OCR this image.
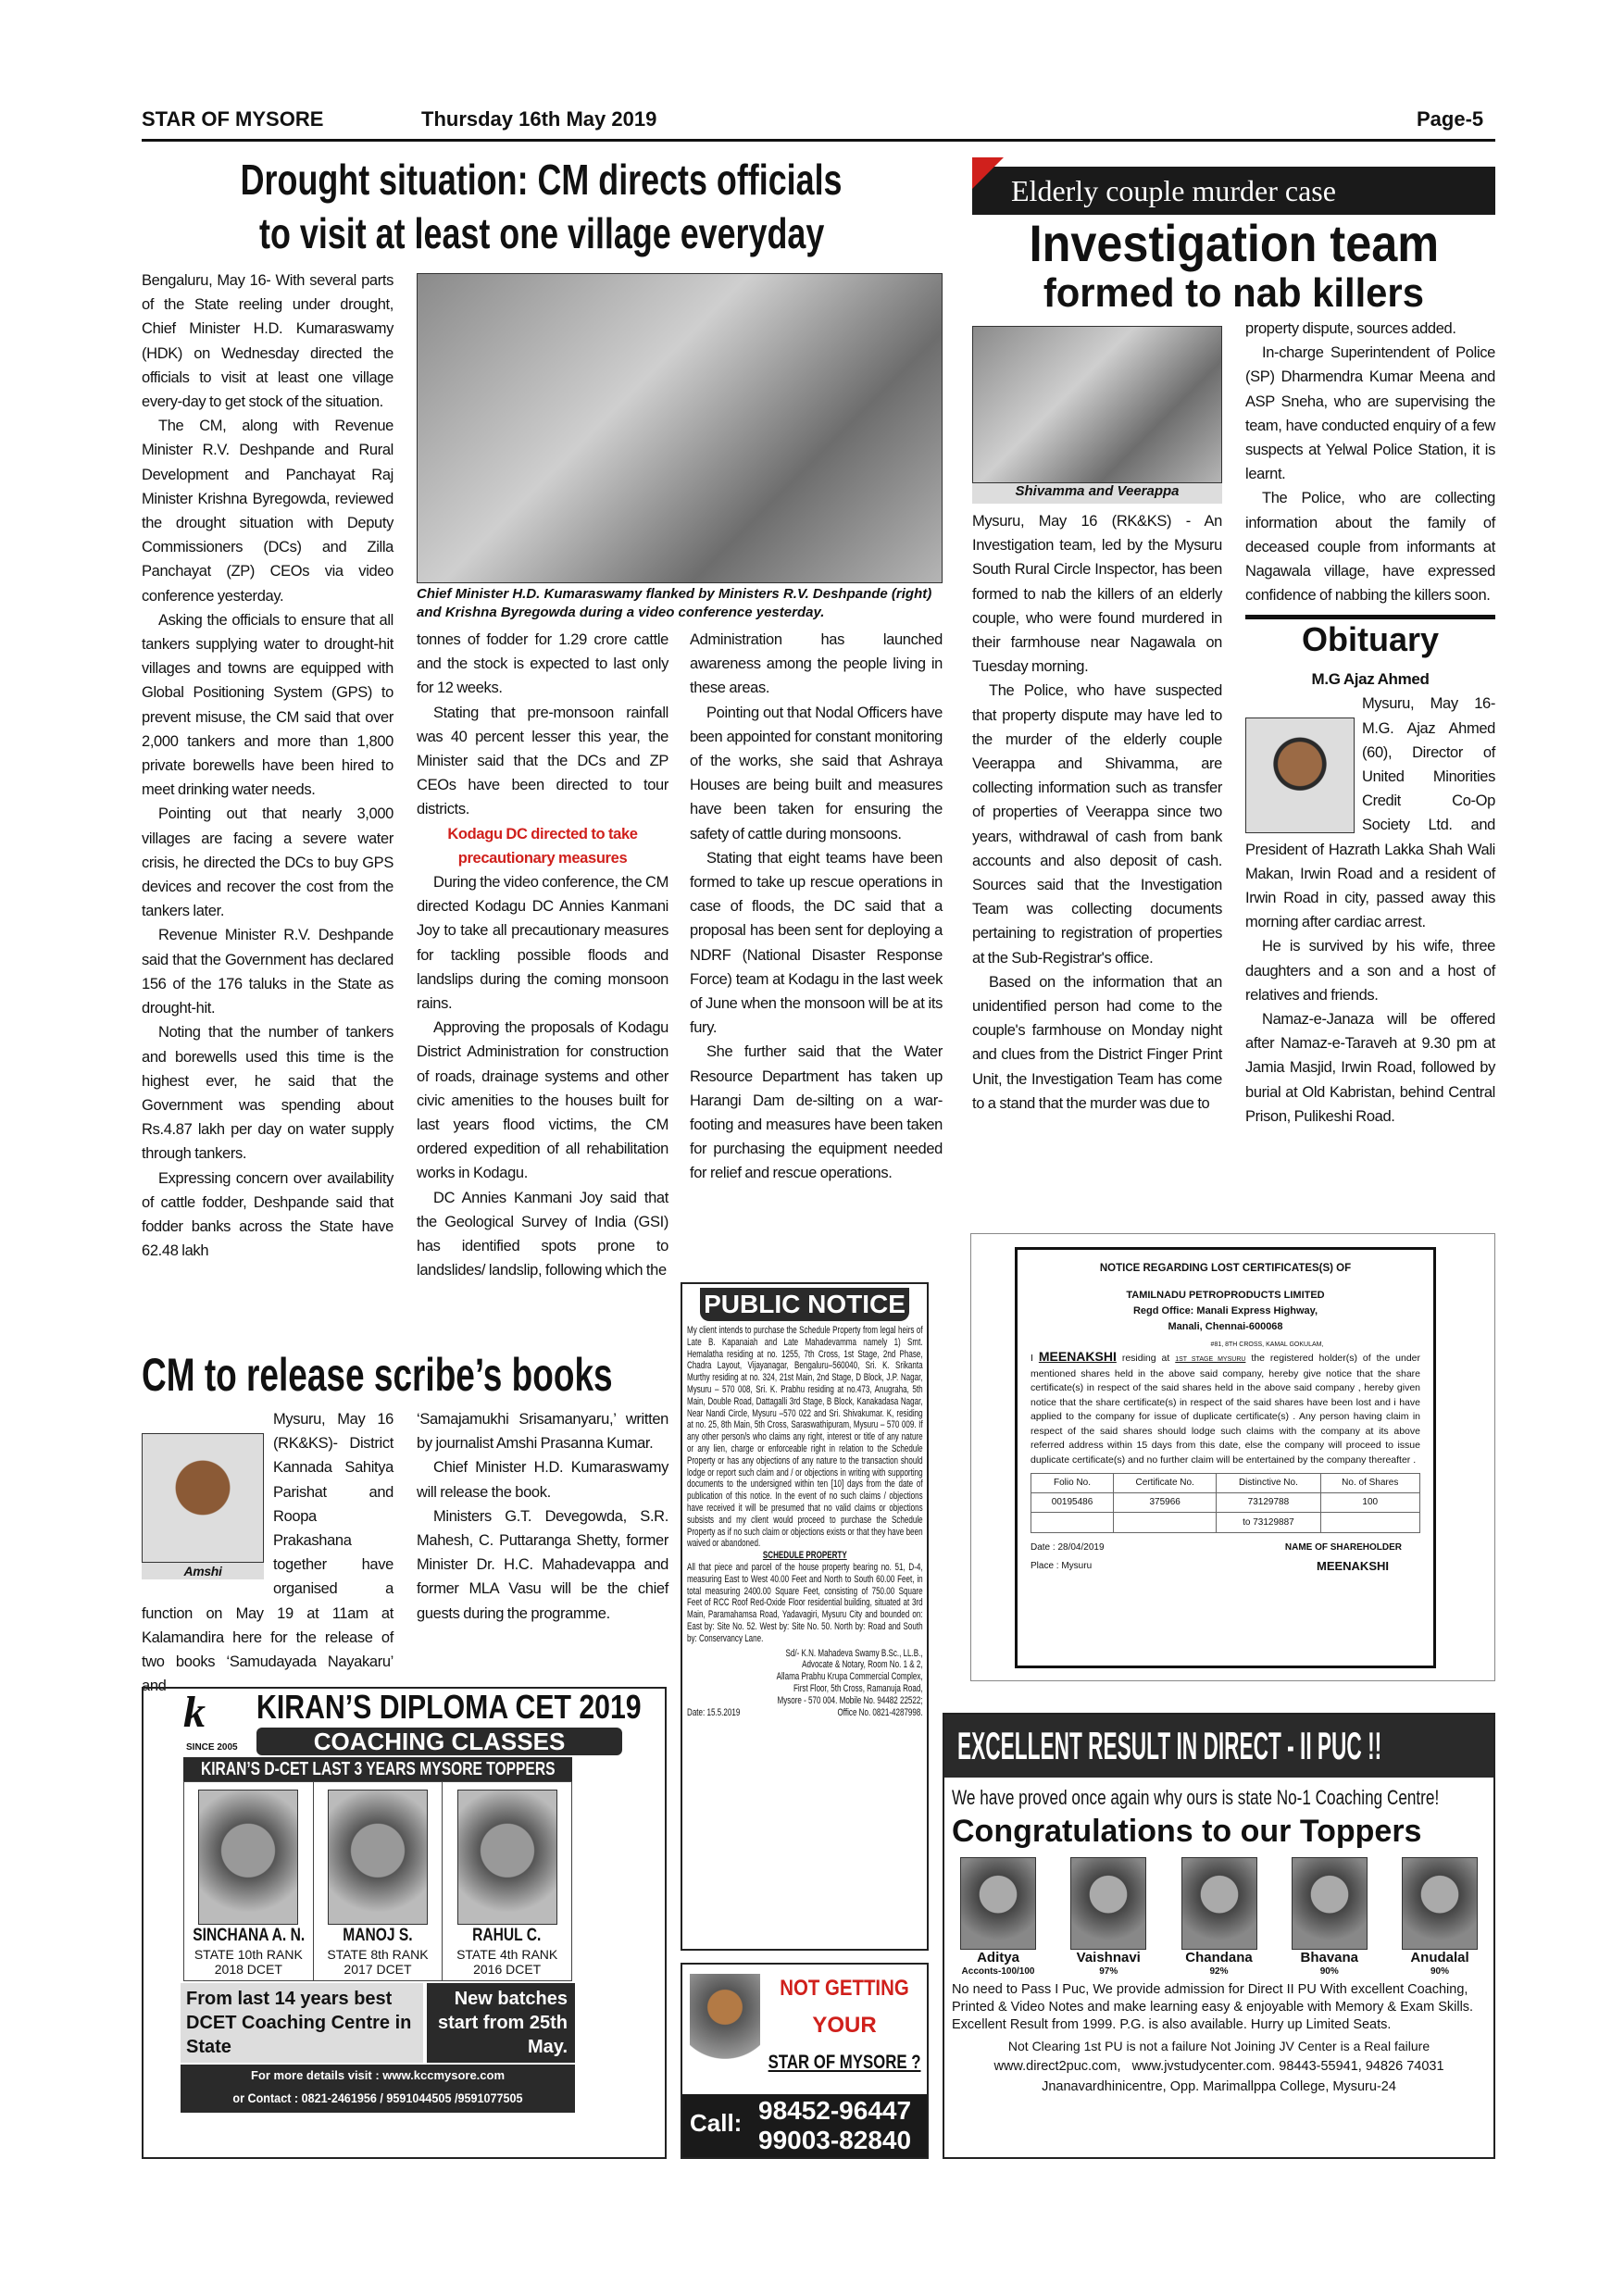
STAR OF MYSORE	Thursday 16th May 2019	Page-5
Drought situation: CM directs officials
to visit at least one village everyday
Chief Minister H.D. Kumaraswamy flanked by Ministers R.V. Deshpande (right) and Krishna Byregowda during a video conference yesterday.

Bengaluru, May 16- With several parts of the State reeling under drought, Chief Minister H.D. Kumaraswamy (HDK) on Wednesday directed the officials to visit at least one village every-day to get stock of the situation.

The CM, along with Revenue Minister R.V. Deshpande and Rural Development and Panchayat Raj Minister Krishna Byregowda, reviewed the drought situation with Deputy Commissioners (DCs) and Zilla Panchayat (ZP) CEOs via video conference yesterday.

Asking the officials to ensure that all tankers supplying water to drought-hit villages and towns are equipped with Global Positioning System (GPS) to prevent misuse, the CM said that over 2,000 tankers and more than 1,800 private borewells have been hired to meet drinking water needs.

Pointing out that nearly 3,000 villages are facing a severe water crisis, he directed the DCs to buy GPS devices and recover the cost from the tankers later.

Revenue Minister R.V. Deshpande said that the Government has declared 156 of the 176 taluks in the State as drought-hit.

Noting that the number of tankers and borewells used this time is the highest ever, he said that the Government was spending about Rs.4.87 lakh per day on water supply through tankers.

Expressing concern over availability of cattle fodder, Deshpande said that fodder banks across the State have 62.48 lakh

tonnes of fodder for 1.29 crore cattle and the stock is expected to last only for 12 weeks.

Stating that pre-monsoon rainfall was 40 percent lesser this year, the Minister said that the DCs and ZP CEOs have been directed to tour districts.

Kodagu DC directed to take precautionary measures

During the video conference, the CM directed Kodagu DC Annies Kanmani Joy to take all precautionary measures for tackling possible floods and landslips during the coming monsoon rains.

Approving the proposals of Kodagu District Administration for construction of roads, drainage systems and other civic amenities to the houses built for last years flood victims, the CM ordered expedition of all rehabilitation works in Kodagu.

DC Annies Kanmani Joy said that the Geological Survey of India (GSI) has identified spots prone to landslides/ landslip, following which the

Administration has launched awareness among the people living in these areas.

Pointing out that Nodal Officers have been appointed for constant monitoring of the works, she said that Ashraya Houses are being built and measures have been taken for ensuring the safety of cattle during monsoons.

Stating that eight teams have been formed to take up rescue operations in case of floods, the DC said that a proposal has been sent for deploying a NDRF (National Disaster Response Force) team at Kodagu in the last week of June when the monsoon will be at its fury.

She further said that the Water Resource Department has taken up Harangi Dam de-silting on a war-footing and measures have been taken for purchasing the equipment needed for relief and rescue operations.

Elderly couple murder case
Investigation team
formed to nab killers
Shivamma and Veerappa

Mysuru, May 16 (RK&KS) - An Investigation team, led by the Mysuru South Rural Circle Inspector, has been formed to nab the killers of an elderly couple, who were found murdered in their farmhouse near Nagawala on Tuesday morning.

The Police, who have suspected that property dispute may have led to the murder of the elderly couple Veerappa and Shivamma, are collecting information such as transfer of properties of Veerappa since two years, withdrawal of cash from bank accounts and also deposit of cash. Sources said that the Investigation Team was collecting documents pertaining to registration of properties at the Sub-Registrar's office.

Based on the information that an unidentified person had come to the couple's farmhouse on Monday night and clues from the District Finger Print Unit, the Investigation Team has come to a stand that the murder was due to

property dispute, sources added.

In-charge Superintendent of Police (SP) Dharmendra Kumar Meena and ASP Sneha, who are supervising the team, have conducted enquiry of a few suspects at Yelwal Police Station, it is learnt.

The Police, who are collecting information about the family of deceased couple from informants at Nagawala village, have expressed confidence of nabbing the killers soon.

Obituary
M.G Ajaz Ahmed

Mysuru, May 16- M.G. Ajaz Ahmed (60), Director of United Minorities Credit Co-Op Society Ltd. and President of Hazrath Lakka Shah Wali Makan, Irwin Road and a resident of Irwin Road in city, passed away this morning after cardiac arrest.

He is survived by his wife, three daughters and a son and a host of relatives and friends.

Namaz-e-Janaza will be offered after Namaz-e-Taraveh at 9.30 pm at Jamia Masjid, Irwin Road, followed by burial at Old Kabristan, behind Central Prison, Pulikeshi Road.

NOTICE REGARDING LOST CERTIFICATES(S) OF
TAMILNADU PETROPRODUCTS LIMITED
Regd Office: Manali Express Highway,
Manali, Chennai-600068
#81, 8TH CROSS, KAMAL GOKULAM,
I MEENAKSHI residing at 1ST STAGE MYSURU the registered holder(s) of the under mentioned shares held in the above said company, hereby give notice that the share certificate(s) in respect of the said shares held in the above said company , hereby given notice that the share certificate(s) in respect of the said shares have been lost and i have applied to the company for issue of duplicate certificate(s) . Any person having claim in respect of the said shares should lodge such claims with the company at its above referred address within 15 days from this date, else the company will proceed to issue duplicate certificate(s) and no further claim will be entertained by the company thereafter .
Folio No.	Certificate No.	Distinctive No.	No. of Shares
00195486	375966	73129788	100
		to 73129887	
Date : 28/04/2019
Place : Mysuru
NAME OF SHAREHOLDER
MEENAKSHI
CM to release scribe’s books
Amshi

Mysuru, May 16 (RK&KS)- District Kannada Sahitya Parishat and Roopa Prakashana together have organised a function on May 19 at 11am at Kalamandira here for the release of two books ‘Samudayada Nayakaru’ and

‘Samajamukhi Srisamanyaru,’ written by journalist Amshi Prasanna Kumar.

Chief Minister H.D. Kumaraswamy will release the book.

Ministers G.T. Devegowda, S.R. Mahesh, C. Puttaranga Shetty, former Minister Dr. H.C. Mahadevappa and former MLA Vasu will be the chief guests during the programme.

PUBLIC NOTICE
My client intends to purchase the Schedule Property from legal heirs of Late B. Kapanaiah and Late Mahadevamma namely 1) Smt. Hemalatha residing at no. 1255, 7th Cross, 1st Stage, 2nd Phase, Chadra Layout, Vijayanagar, Bengaluru–560040, Sri. K. Srikanta Murthy residing at no. 324, 21st Main, 2nd Stage, D Block, J.P. Nagar, Mysuru – 570 008, Sri. K. Prabhu residing at no.473, Anugraha, 5th Main, Double Road, Dattagalli 3rd Stage, B Block, Kanakadasa Nagar, Near Nandi Circle, Mysuru –570 022 and Sri. Shivakumar. K, residing at no. 25, 8th Main, 5th Cross, Saraswathipuram, Mysuru – 570 009. If any other person/s who claims any right, interest or title of any nature or any lien, charge or enforceable right in relation to the Schedule Property or has any objections of any nature to the transaction should lodge or report such claim and / or objections in writing with supporting documents to the undersigned within ten [10] days from the date of publication of this notice. In the event of no such claims / objections have received it will be presumed that no valid claims or objections subsists and my client would proceed to purchase the Schedule Property as if no such claim or objections exists or that they have been waived or abandoned.
SCHEDULE PROPERTY
All that piece and parcel of the house property bearing no. 51, D-4, measuring East to West 40.00 Feet and North to South 60.00 Feet, in total measuring 2400.00 Square Feet, consisting of 750.00 Square Feet of RCC Roof Red-Oxide Floor residential building, situated at 3rd Main, Paramahamsa Road, Yadavagiri, Mysuru City and bounded on: East by: Site No. 52. West by: Site No. 50. North by: Road and South by: Conservancy Lane.
Sd/- K.N. Mahadeva Swamy B.Sc., LL.B.,
Advocate & Notary, Room No. 1 & 2,
Allama Prabhu Krupa Commercial Complex,
First Floor, 5th Cross, Ramanuja Road,
Mysore - 570 004. Mobile No. 94482 22522;
Date: 15.5.2019	Office No. 0821-4287998.
NOT GETTING
YOUR
STAR OF MYSORE ?
Call: 98452-96447
99003-82840
k
SINCE 2005
KIRAN’S DIPLOMA CET 2019
COACHING CLASSES
KIRAN’S D-CET LAST 3 YEARS MYSORE TOPPERS
SINCHANA A. N.
STATE 10th RANK
2018 DCET
MANOJ S.
STATE 8th RANK
2017 DCET
RAHUL C.
STATE 4th RANK
2016 DCET
From last 14 years best DCET Coaching Centre in State
New batches start from 25th May.
For more details visit : www.kccmysore.com
or Contact : 0821-2461956 / 9591044505 /9591077505
EXCELLENT RESULT IN DIRECT - II PUC !!
We have proved once again why ours is state No-1 Coaching Centre!
Congratulations to our Toppers
Aditya
Acconts-100/100
Vaishnavi
97%
Chandana
92%
Bhavana
90%
Anudalal
90%
No need to Pass I Puc, We provide admission for Direct II PU With excellent Coaching, Printed & Video Notes and make learning easy & enjoyable with Memory & Exam Skills. Excellent Result from 1999. P.G. is also available. Hurry up Limited Seats.
Not Clearing 1st PU is not a failure Not Joining JV Center is a Real failure
www.direct2puc.com,   www.jvstudycenter.com. 98443-55941, 94826 74031
Jnanavardhinicentre, Opp. Marimallppa College, Mysuru-24
